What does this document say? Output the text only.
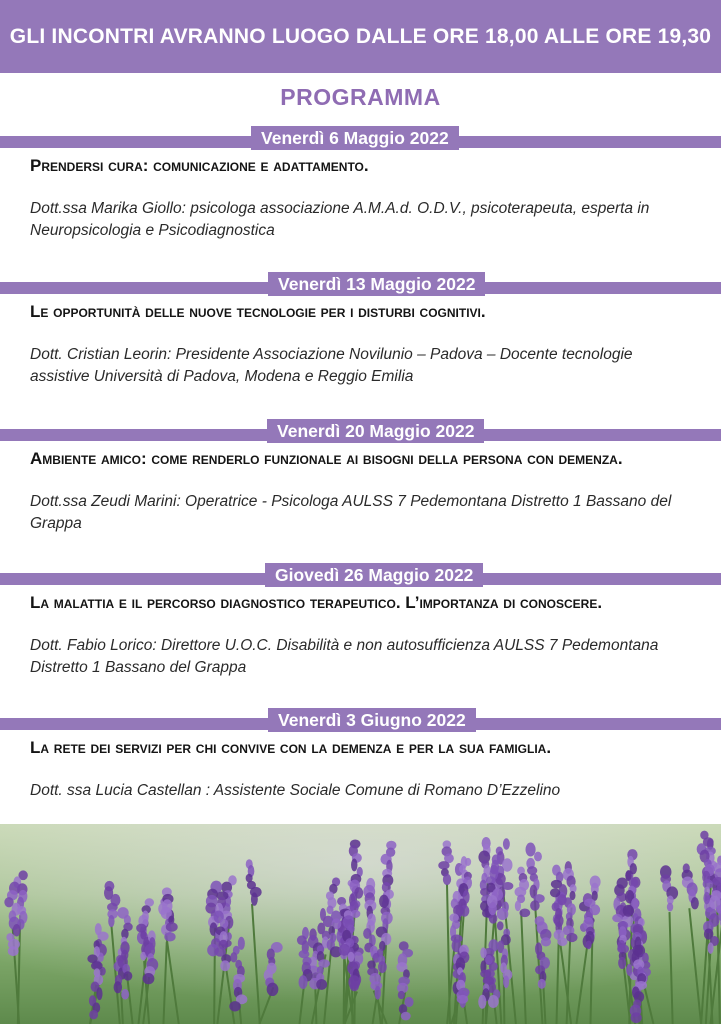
GLI INCONTRI AVRANNO LUOGO DALLE ORE 18,00 ALLE ORE 19,30
PROGRAMMA
Venerdì 6 Maggio 2022
Prendersi cura: comunicazione e adattamento.
Dott.ssa Marika Giollo: psicologa associazione A.M.A.d. O.D.V., psicoterapeuta, esperta in Neuropsicologia e Psicodiagnostica
Venerdì 13 Maggio 2022
Le opportunità delle nuove tecnologie per i disturbi cognitivi.
Dott. Cristian Leorin: Presidente Associazione Novilunio – Padova – Docente tecnologie assistive Università di Padova, Modena e Reggio Emilia
Venerdì 20 Maggio 2022
Ambiente amico: come renderlo funzionale ai bisogni della persona con demenza.
Dott.ssa Zeudi Marini: Operatrice - Psicologa AULSS 7 Pedemontana Distretto 1 Bassano del Grappa
Giovedì 26 Maggio 2022
La malattia e il percorso diagnostico terapeutico. L’importanza di conoscere.
Dott. Fabio Lorico: Direttore U.O.C. Disabilità e non autosufficienza AULSS 7 Pedemontana Distretto 1 Bassano del Grappa
Venerdì 3 Giugno 2022
La rete dei servizi per chi convive con la demenza e per la sua famiglia.
Dott. ssa Lucia Castellan : Assistente Sociale Comune di Romano D’Ezzelino
